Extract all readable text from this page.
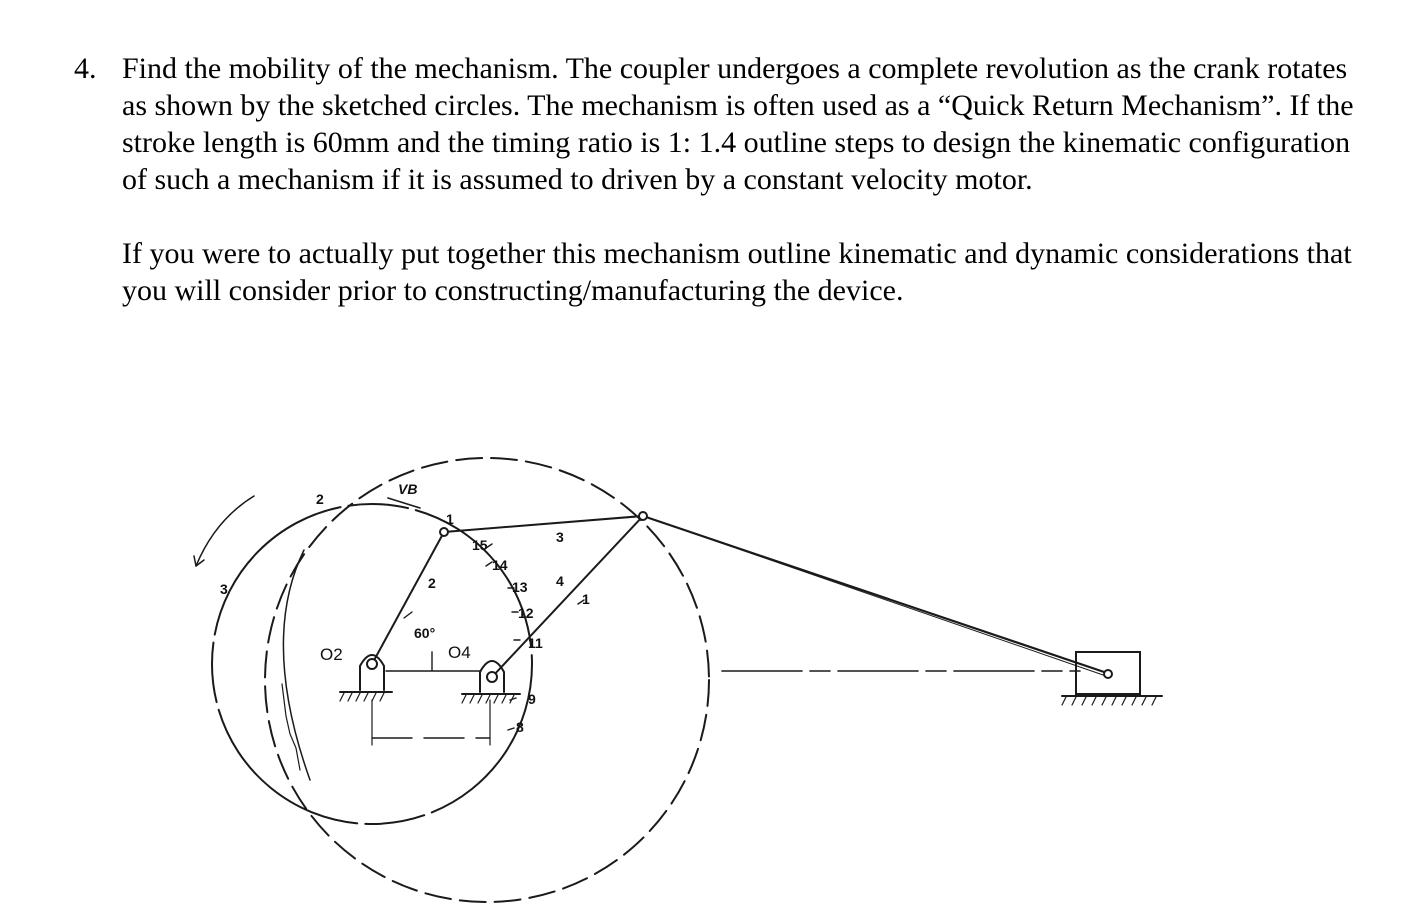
4. Find the mobility of the mechanism. The coupler undergoes a complete revolution as the crank rotates as shown by the sketched circles. The mechanism is often used as a “Quick Return Mechanism”. If the stroke length is 60mm and the timing ratio is 1: 1.4 outline steps to design the kinematic configuration of such a mechanism if it is assumed to driven by a constant velocity motor.
If you were to actually put together this mechanism outline kinematic and dynamic considerations that you will consider prior to constructing/manufacturing the device.
VB
2
2
3
1
15
14
13
12
11
9
8
3
4
1
60°
O2	O4
